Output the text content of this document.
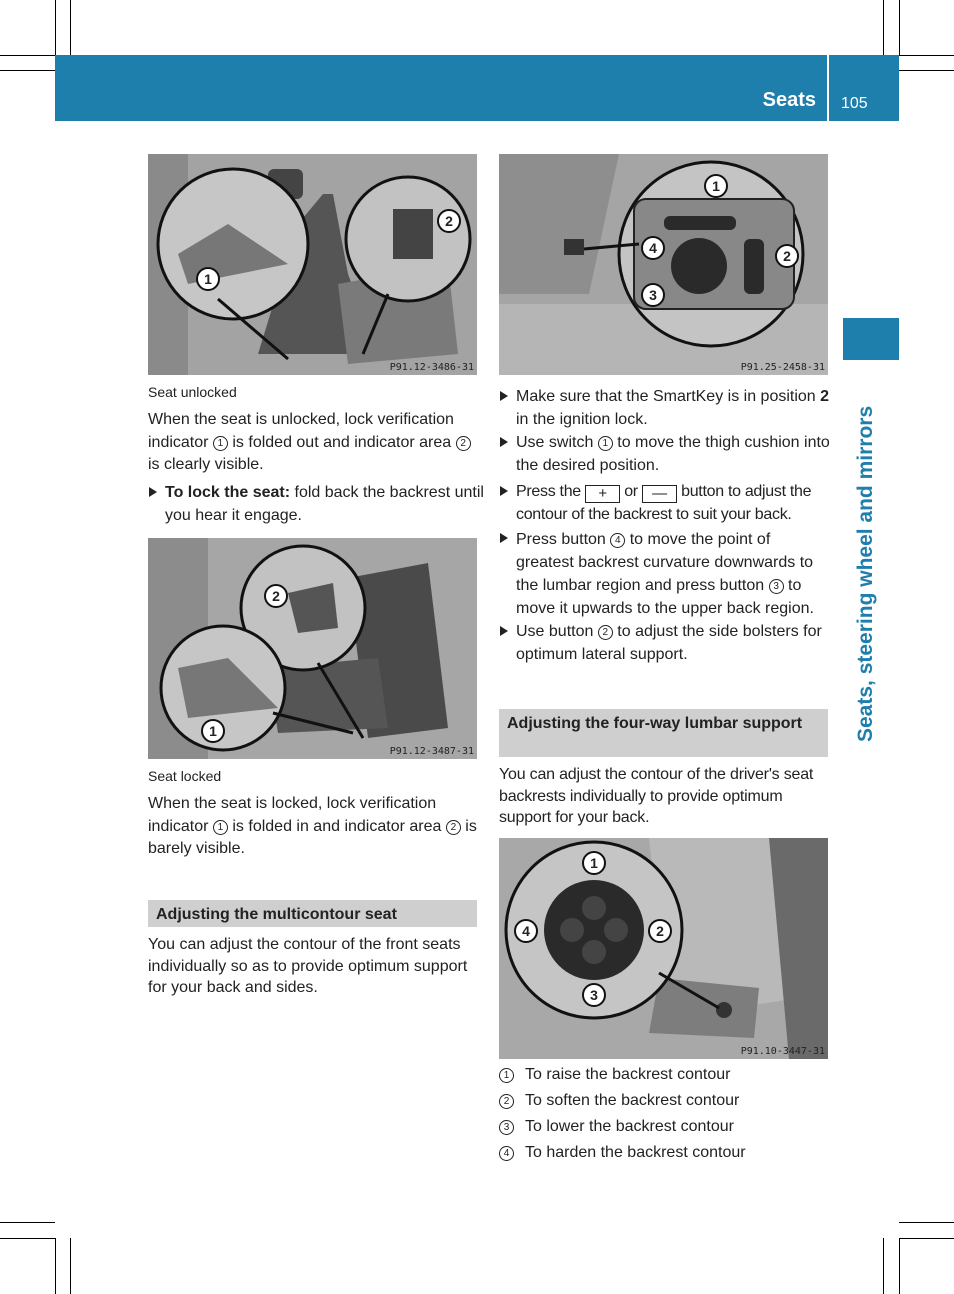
Seats 105
Seats, steering wheel and mirrors
1
2
P91.12-3486-31
Seat unlocked
When the seat is unlocked, lock verification indicator 1 is folded out and indicator area 2 is clearly visible.
To lock the seat: fold back the backrest until you hear it engage.
2
1
P91.12-3487-31
Seat locked
When the seat is locked, lock verification indicator 1 is folded in and indicator area 2 is barely visible.
Adjusting the multicontour seat
You can adjust the contour of the front seats individually so as to provide optimum support for your back and sides.
1
2
3
4
P91.25-2458-31
Make sure that the SmartKey is in position 2 in the ignition lock.
Use switch 1 to move the thigh cushion into the desired position.
Press the + or — button to adjust the contour of the backrest to suit your back.
Press button 4 to move the point of greatest backrest curvature downwards to the lumbar region and press button 3 to move it upwards to the upper back region.
Use button 2 to adjust the side bolsters for optimum lateral support.
Adjusting the four-way lumbar support
You can adjust the contour of the driver's seat backrests individually to provide optimum support for your back.
1
2
3
4
P91.10-3447-31
1 To raise the backrest contour
2 To soften the backrest contour
3 To lower the backrest contour
4 To harden the backrest contour
